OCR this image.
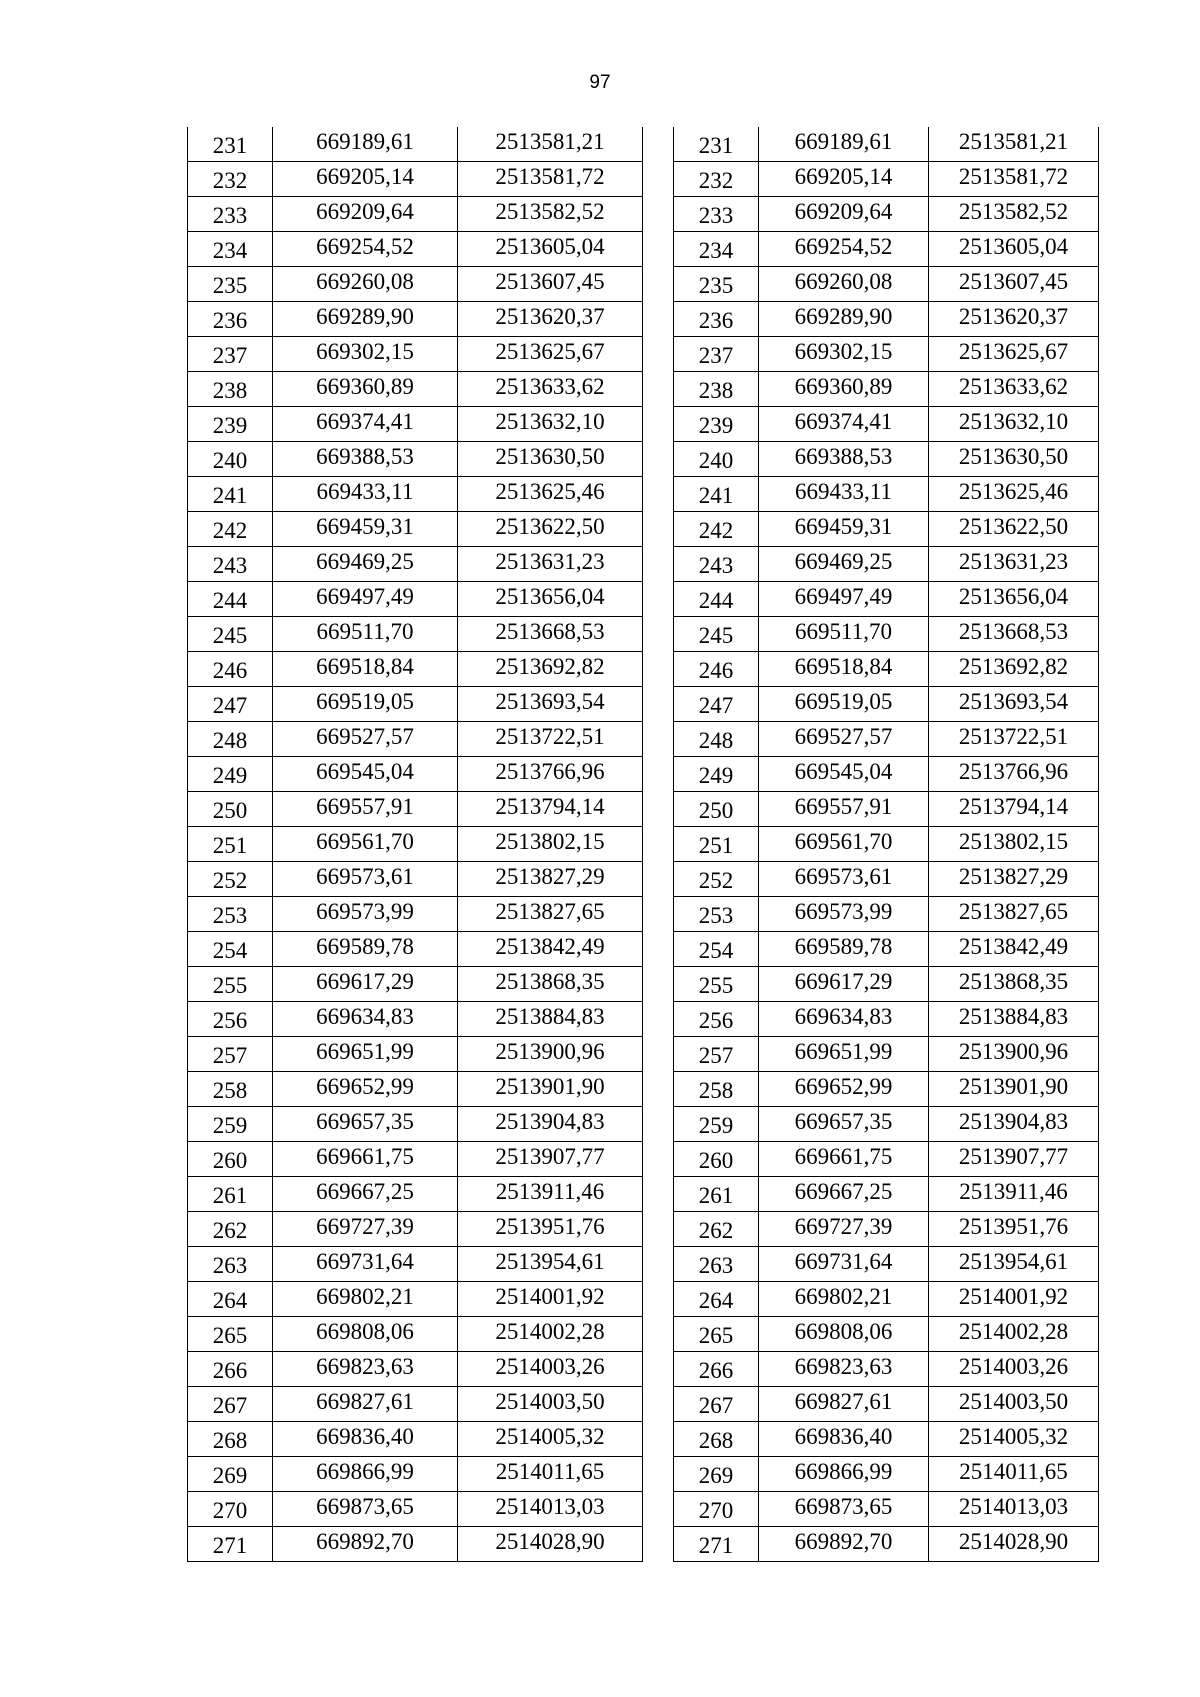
97
231	669189,61	2513581,21
232	669205,14	2513581,72
233	669209,64	2513582,52
234	669254,52	2513605,04
235	669260,08	2513607,45
236	669289,90	2513620,37
237	669302,15	2513625,67
238	669360,89	2513633,62
239	669374,41	2513632,10
240	669388,53	2513630,50
241	669433,11	2513625,46
242	669459,31	2513622,50
243	669469,25	2513631,23
244	669497,49	2513656,04
245	669511,70	2513668,53
246	669518,84	2513692,82
247	669519,05	2513693,54
248	669527,57	2513722,51
249	669545,04	2513766,96
250	669557,91	2513794,14
251	669561,70	2513802,15
252	669573,61	2513827,29
253	669573,99	2513827,65
254	669589,78	2513842,49
255	669617,29	2513868,35
256	669634,83	2513884,83
257	669651,99	2513900,96
258	669652,99	2513901,90
259	669657,35	2513904,83
260	669661,75	2513907,77
261	669667,25	2513911,46
262	669727,39	2513951,76
263	669731,64	2513954,61
264	669802,21	2514001,92
265	669808,06	2514002,28
266	669823,63	2514003,26
267	669827,61	2514003,50
268	669836,40	2514005,32
269	669866,99	2514011,65
270	669873,65	2514013,03
271	669892,70	2514028,90
231	669189,61	2513581,21
232	669205,14	2513581,72
233	669209,64	2513582,52
234	669254,52	2513605,04
235	669260,08	2513607,45
236	669289,90	2513620,37
237	669302,15	2513625,67
238	669360,89	2513633,62
239	669374,41	2513632,10
240	669388,53	2513630,50
241	669433,11	2513625,46
242	669459,31	2513622,50
243	669469,25	2513631,23
244	669497,49	2513656,04
245	669511,70	2513668,53
246	669518,84	2513692,82
247	669519,05	2513693,54
248	669527,57	2513722,51
249	669545,04	2513766,96
250	669557,91	2513794,14
251	669561,70	2513802,15
252	669573,61	2513827,29
253	669573,99	2513827,65
254	669589,78	2513842,49
255	669617,29	2513868,35
256	669634,83	2513884,83
257	669651,99	2513900,96
258	669652,99	2513901,90
259	669657,35	2513904,83
260	669661,75	2513907,77
261	669667,25	2513911,46
262	669727,39	2513951,76
263	669731,64	2513954,61
264	669802,21	2514001,92
265	669808,06	2514002,28
266	669823,63	2514003,26
267	669827,61	2514003,50
268	669836,40	2514005,32
269	669866,99	2514011,65
270	669873,65	2514013,03
271	669892,70	2514028,90
